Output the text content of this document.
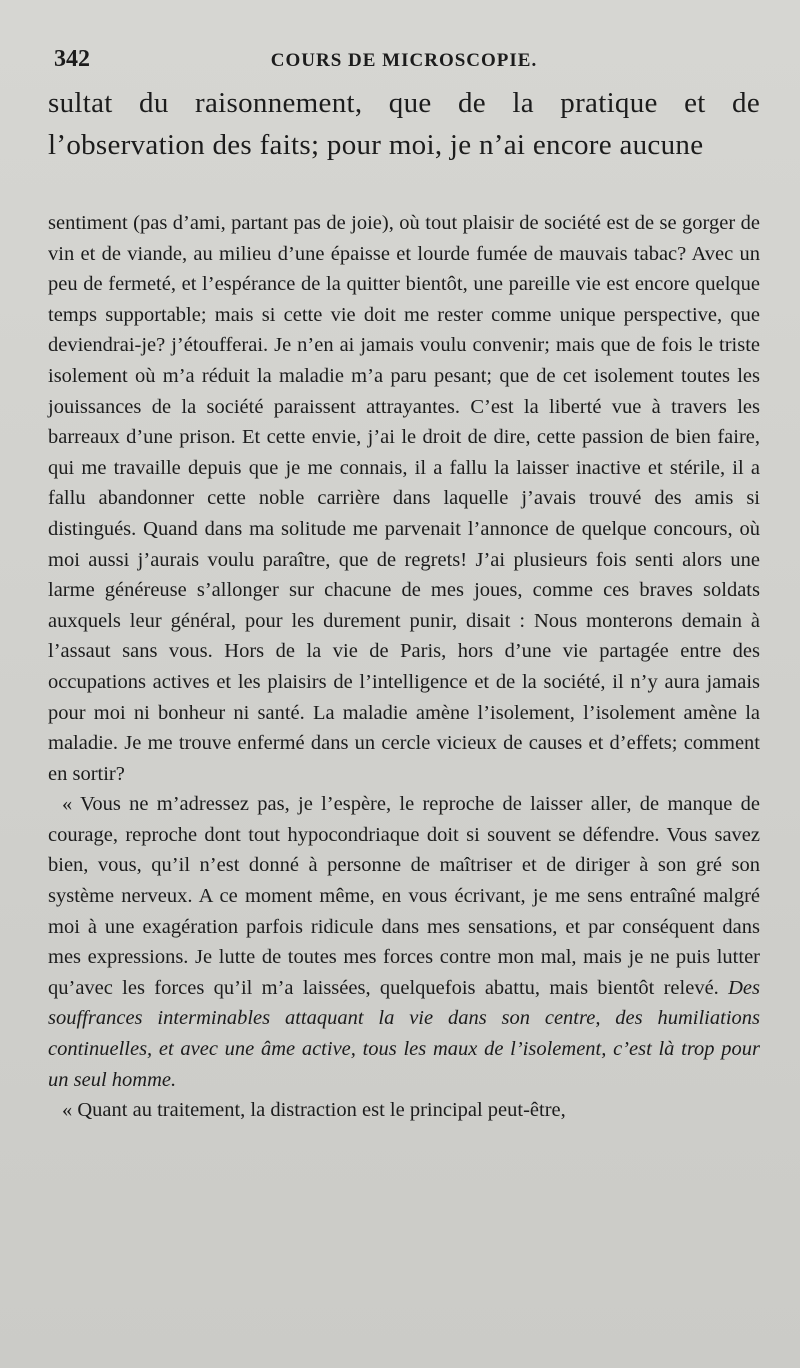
342	COURS DE MICROSCOPIE.

sultat du raisonnement, que de la pratique et de l’observation des faits; pour moi, je n’ai encore aucune

sentiment (pas d’ami, partant pas de joie), où tout plaisir de société est de se gorger de vin et de viande, au milieu d’une épaisse et lourde fumée de mauvais tabac? Avec un peu de fermeté, et l’espérance de la quitter bientôt, une pareille vie est encore quelque temps supportable; mais si cette vie doit me rester comme unique perspective, que deviendrai-je? j’étoufferai. Je n’en ai jamais voulu convenir; mais que de fois le triste isolement où m’a réduit la maladie m’a paru pesant; que de cet isolement toutes les jouissances de la société paraissent attrayantes. C’est la liberté vue à travers les barreaux d’une prison. Et cette envie, j’ai le droit de dire, cette passion de bien faire, qui me travaille depuis que je me connais, il a fallu la laisser inactive et stérile, il a fallu abandonner cette noble carrière dans laquelle j’avais trouvé des amis si distingués. Quand dans ma solitude me parvenait l’annonce de quelque concours, où moi aussi j’aurais voulu paraître, que de regrets! J’ai plusieurs fois senti alors une larme généreuse s’allonger sur chacune de mes joues, comme ces braves soldats auxquels leur général, pour les durement punir, disait : Nous monterons demain à l’assaut sans vous. Hors de la vie de Paris, hors d’une vie partagée entre des occupations actives et les plaisirs de l’intelligence et de la société, il n’y aura jamais pour moi ni bonheur ni santé. La maladie amène l’isolement, l’isolement amène la maladie. Je me trouve enfermé dans un cercle vicieux de causes et d’effets; comment en sortir?

« Vous ne m’adressez pas, je l’espère, le reproche de laisser aller, de manque de courage, reproche dont tout hypocondriaque doit si souvent se défendre. Vous savez bien, vous, qu’il n’est donné à personne de maîtriser et de diriger à son gré son système nerveux. A ce moment même, en vous écrivant, je me sens entraîné malgré moi à une exagération parfois ridicule dans mes sensations, et par conséquent dans mes expressions. Je lutte de toutes mes forces contre mon mal, mais je ne puis lutter qu’avec les forces qu’il m’a laissées, quelquefois abattu, mais bientôt relevé. Des souffrances interminables attaquant la vie dans son centre, des humiliations continuelles, et avec une âme active, tous les maux de l’isolement, c’est là trop pour un seul homme.

« Quant au traitement, la distraction est le principal peut-être,
